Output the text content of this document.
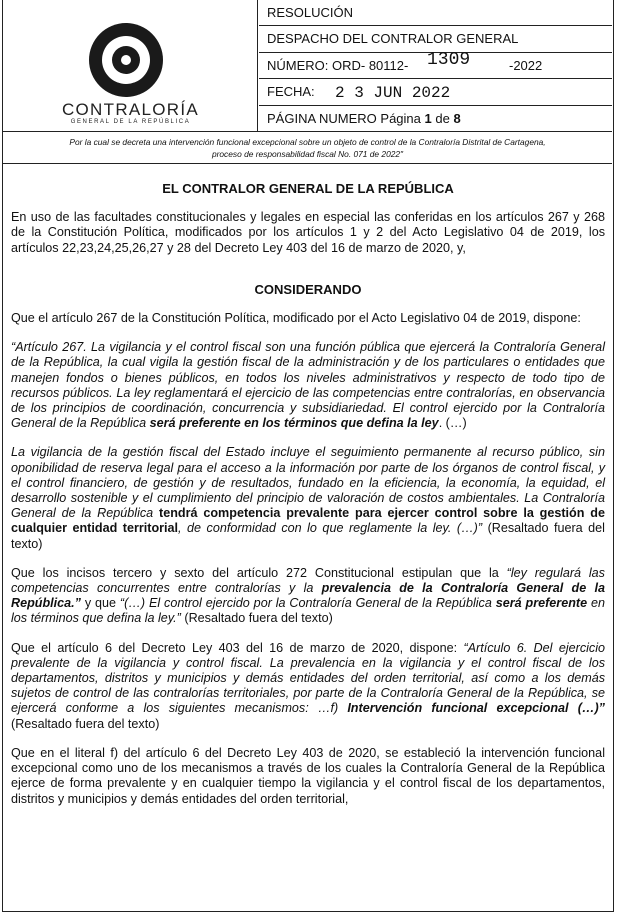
CONTRALORÍA
GENERAL DE LA REPÚBLICA
RESOLUCIÓN
DESPACHO DEL CONTRALOR GENERAL
NÚMERO: ORD- 80112- 1309	-2022
FECHA: 2 3 JUN 2022
PÁGINA NUMERO Página 1 de 8
Por la cual se decreta una intervención funcional excepcional sobre un objeto de control de la Contraloría Distrital de Cartagena,
proceso de responsabilidad fiscal No. 071 de 2022"
EL CONTRALOR GENERAL DE LA REPÚBLICA

En uso de las facultades constitucionales y legales en especial las conferidas en los artículos 267 y 268 de la Constitución Política, modificados por los artículos 1 y 2 del Acto Legislativo 04 de 2019, los artículos 22,23,24,25,26,27 y 28 del Decreto Ley 403 del 16 de marzo de 2020, y,

CONSIDERANDO

Que el artículo 267 de la Constitución Política, modificado por el Acto Legislativo 04 de 2019, dispone:

“Artículo 267. La vigilancia y el control fiscal son una función pública que ejercerá la Contraloría General de la República, la cual vigila la gestión fiscal de la administración y de los particulares o entidades que manejen fondos o bienes públicos, en todos los niveles administrativos y respecto de todo tipo de recursos públicos. La ley reglamentará el ejercicio de las competencias entre contralorías, en observancia de los principios de coordinación, concurrencia y subsidiariedad. El control ejercido por la Contraloría General de la República será preferente en los términos que defina la ley. (…)

La vigilancia de la gestión fiscal del Estado incluye el seguimiento permanente al recurso público, sin oponibilidad de reserva legal para el acceso a la información por parte de los órganos de control fiscal, y el control financiero, de gestión y de resultados, fundado en la eficiencia, la economía, la equidad, el desarrollo sostenible y el cumplimiento del principio de valoración de costos ambientales. La Contraloría General de la República tendrá competencia prevalente para ejercer control sobre la gestión de cualquier entidad territorial, de conformidad con lo que reglamente la ley. (…)” (Resaltado fuera del texto)

Que los incisos tercero y sexto del artículo 272 Constitucional estipulan que la “ley regulará las competencias concurrentes entre contralorías y la prevalencia de la Contraloría General de la República.” y que “(…) El control ejercido por la Contraloría General de la República será preferente en los términos que defina la ley.” (Resaltado fuera del texto)

Que el artículo 6 del Decreto Ley 403 del 16 de marzo de 2020, dispone: “Artículo 6. Del ejercicio prevalente de la vigilancia y control fiscal. La prevalencia en la vigilancia y el control fiscal de los departamentos, distritos y municipios y demás entidades del orden territorial, así como a los demás sujetos de control de las contralorías territoriales, por parte de la Contraloría General de la República, se ejercerá conforme a los siguientes mecanismos: …f) Intervención funcional excepcional (…)” (Resaltado fuera del texto)

Que en el literal f) del artículo 6 del Decreto Ley 403 de 2020, se estableció la intervención funcional excepcional como uno de los mecanismos a través de los cuales la Contraloría General de la República ejerce de forma prevalente y en cualquier tiempo la vigilancia y el control fiscal de los departamentos, distritos y municipios y demás entidades del orden territorial,
